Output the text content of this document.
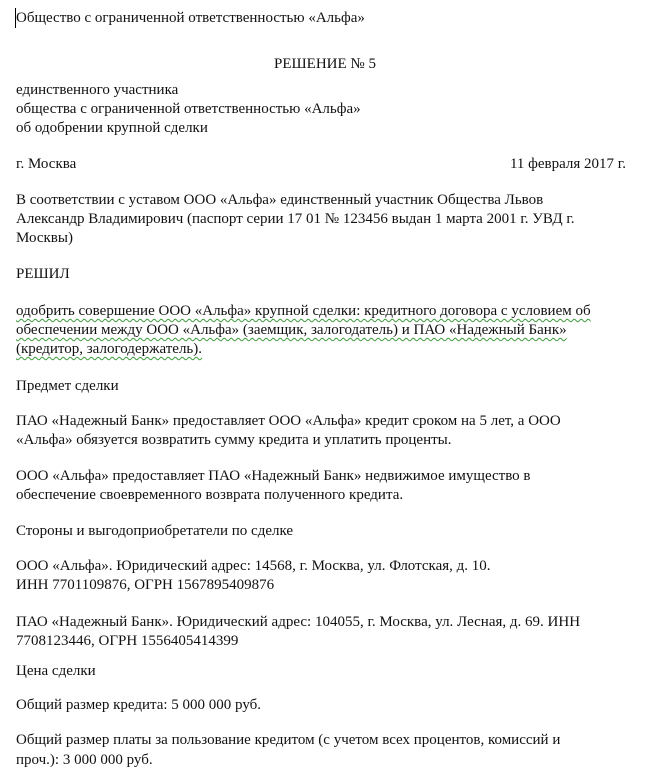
Общество с ограниченной ответственностью «Альфа»
РЕШЕНИЕ № 5
единственного участника
общества с ограниченной ответственностью «Альфа»
об одобрении крупной сделки
г. Москва	11 февраля 2017 г.
В соответствии с уставом ООО «Альфа» единственный участник Общества Львов
Александр Владимирович (паспорт серии 17 01 № 123456 выдан 1 марта 2001 г. УВД г.
Москвы)
РЕШИЛ
одобрить совершение ООО «Альфа» крупной сделки: кредитного договора с условием об
обеспечении между ООО «Альфа» (заемщик, залогодатель) и ПАО «Надежный Банк»
(кредитор, залогодержатель).
Предмет сделки
ПАО «Надежный Банк» предоставляет ООО «Альфа» кредит сроком на 5 лет, а ООО
«Альфа» обязуется возвратить сумму кредита и уплатить проценты.
ООО «Альфа» предоставляет ПАО «Надежный Банк» недвижимое имущество в
обеспечение своевременного возврата полученного кредита.
Стороны и выгодоприобретатели по сделке
ООО «Альфа». Юридический адрес: 14568, г. Москва, ул. Флотская, д. 10.
ИНН 7701109876, ОГРН 1567895409876
ПАО «Надежный Банк». Юридический адрес: 104055, г. Москва, ул. Лесная, д. 69. ИНН
7708123446, ОГРН 1556405414399
Цена сделки
Общий размер кредита: 5 000 000 руб.
Общий размер платы за пользование кредитом (с учетом всех процентов, комиссий и
проч.): 3 000 000 руб.
